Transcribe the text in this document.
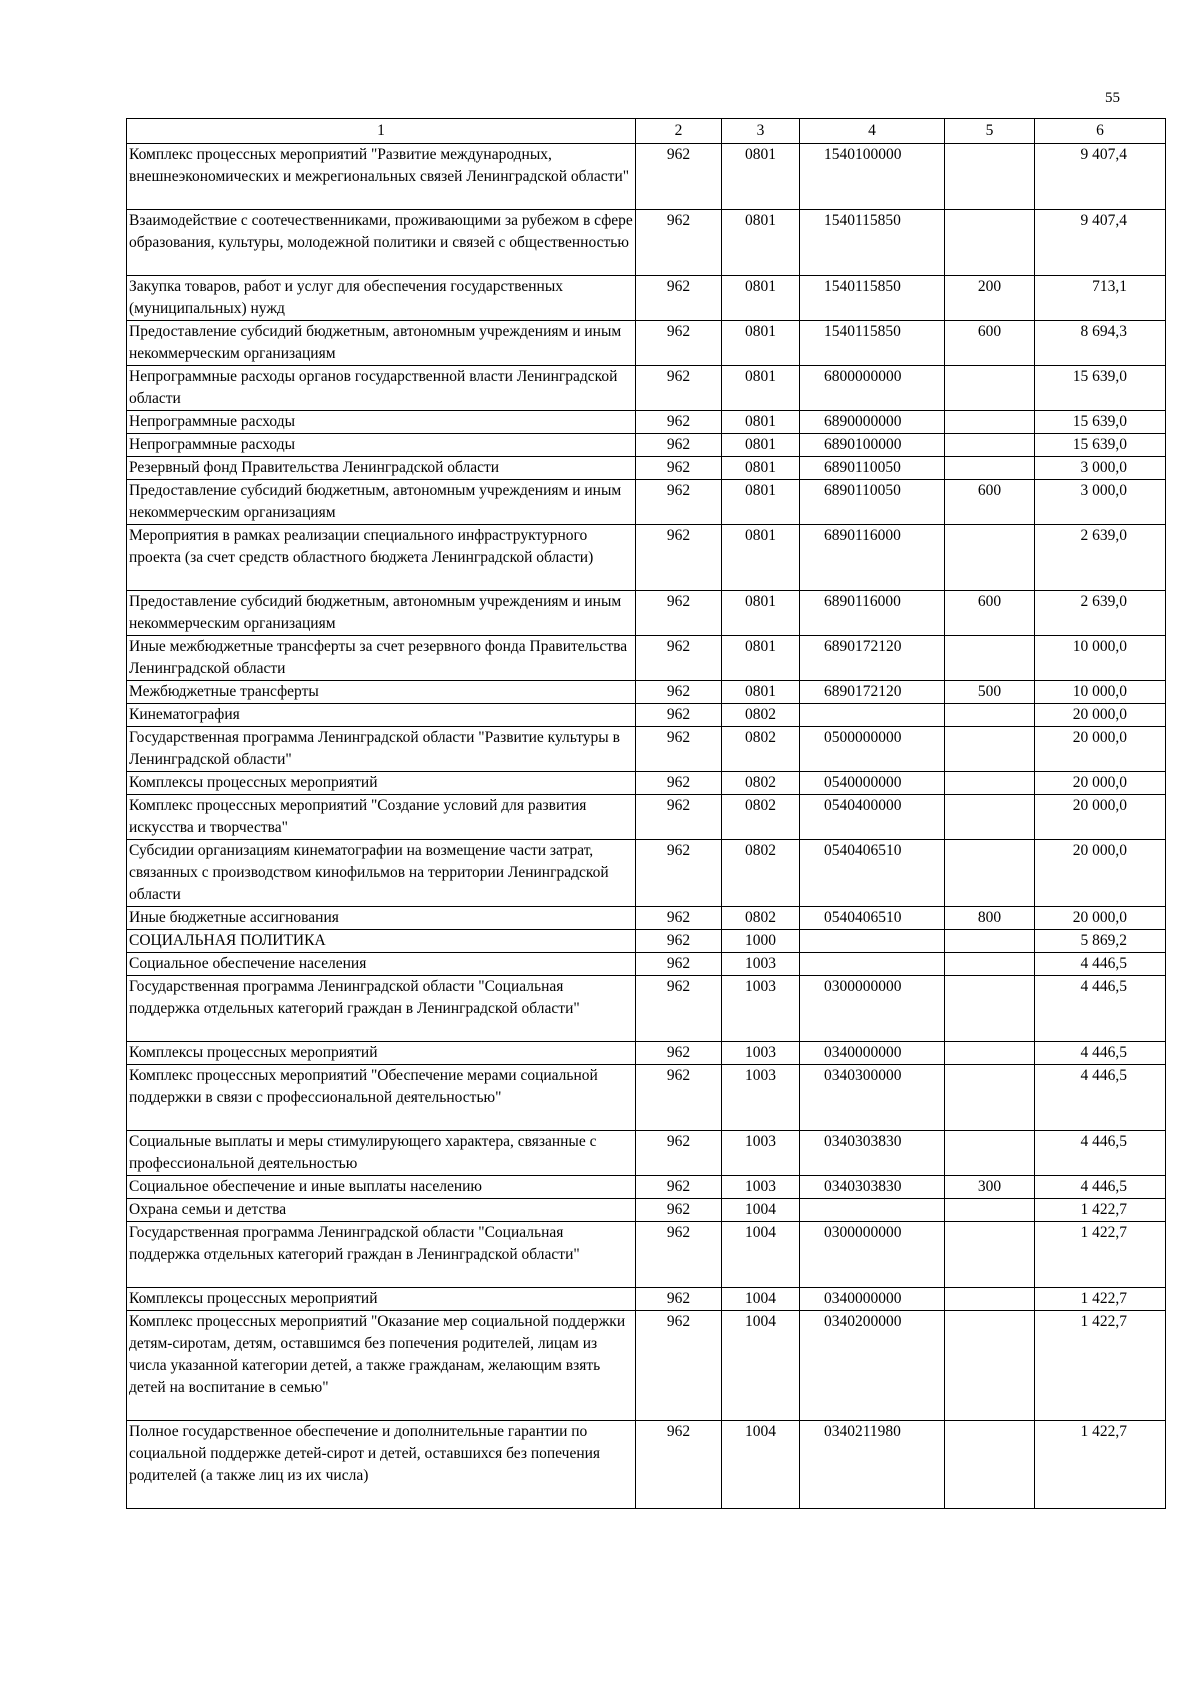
55
1	2	3	4	5	6
Комплекс процессных мероприятий "Развитие международных, внешнеэкономических и межрегиональных связей Ленинградской области"	962	0801	1540100000		9 407,4
Взаимодействие с соотечественниками, проживающими за рубежом в сфере образования, культуры, молодежной политики и связей с общественностью	962	0801	1540115850		9 407,4
Закупка товаров, работ и услуг для обеспечения государственных (муниципальных) нужд	962	0801	1540115850	200	713,1
Предоставление субсидий бюджетным, автономным учреждениям и иным некоммерческим организациям	962	0801	1540115850	600	8 694,3
Непрограммные расходы органов государственной власти Ленинградской области	962	0801	6800000000		15 639,0
Непрограммные расходы	962	0801	6890000000		15 639,0
Непрограммные расходы	962	0801	6890100000		15 639,0
Резервный фонд Правительства Ленинградской области	962	0801	6890110050		3 000,0
Предоставление субсидий бюджетным, автономным учреждениям и иным некоммерческим организациям	962	0801	6890110050	600	3 000,0
Мероприятия в рамках реализации специального инфраструктурного проекта (за счет средств областного бюджета Ленинградской области)	962	0801	6890116000		2 639,0
Предоставление субсидий бюджетным, автономным учреждениям и иным некоммерческим организациям	962	0801	6890116000	600	2 639,0
Иные межбюджетные трансферты за счет резервного фонда Правительства Ленинградской области	962	0801	6890172120		10 000,0
Межбюджетные трансферты	962	0801	6890172120	500	10 000,0
Кинематография	962	0802			20 000,0
Государственная программа Ленинградской области "Развитие культуры в Ленинградской области"	962	0802	0500000000		20 000,0
Комплексы процессных мероприятий	962	0802	0540000000		20 000,0
Комплекс процессных мероприятий "Создание условий для развития искусства и творчества"	962	0802	0540400000		20 000,0
Субсидии организациям кинематографии на возмещение части затрат, связанных с производством кинофильмов на территории Ленинградской области	962	0802	0540406510		20 000,0
Иные бюджетные ассигнования	962	0802	0540406510	800	20 000,0
СОЦИАЛЬНАЯ ПОЛИТИКА	962	1000			5 869,2
Социальное обеспечение населения	962	1003			4 446,5
Государственная программа Ленинградской области "Социальная поддержка отдельных категорий граждан в Ленинградской области"	962	1003	0300000000		4 446,5
Комплексы процессных мероприятий	962	1003	0340000000		4 446,5
Комплекс процессных мероприятий "Обеспечение мерами социальной поддержки в связи с профессиональной деятельностью"	962	1003	0340300000		4 446,5
Социальные выплаты и меры стимулирующего характера, связанные с профессиональной деятельностью	962	1003	0340303830		4 446,5
Социальное обеспечение и иные выплаты населению	962	1003	0340303830	300	4 446,5
Охрана семьи и детства	962	1004			1 422,7
Государственная программа Ленинградской области "Социальная поддержка отдельных категорий граждан в Ленинградской области"	962	1004	0300000000		1 422,7
Комплексы процессных мероприятий	962	1004	0340000000		1 422,7
Комплекс процессных мероприятий "Оказание мер социальной поддержки детям-сиротам, детям, оставшимся без попечения родителей, лицам из числа указанной категории детей, а также гражданам, желающим взять детей на воспитание в семью"	962	1004	0340200000		1 422,7
Полное государственное обеспечение и дополнительные гарантии по социальной поддержке детей-сирот и детей, оставшихся без попечения родителей (а также лиц из их числа)	962	1004	0340211980		1 422,7
